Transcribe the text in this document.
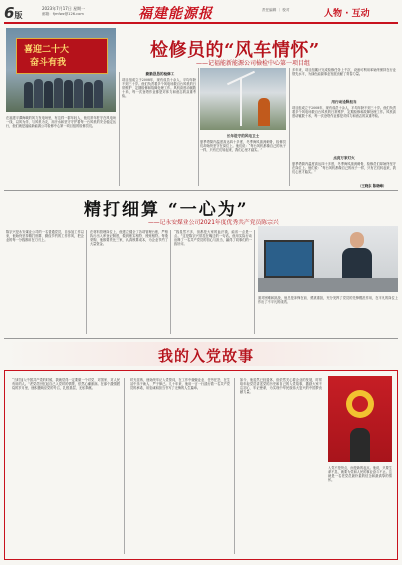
6版
2023年7月17日 星期一
邮箱：fjmfwz@126.com	福建能源报	责任编辑 ｜ 校对	人物 · 互动
喜迎二十大
奋斗有我
检修员的“风车情怀”
——记福能新能源公司檢检中心第一项目组
在福建平潭海峡的风力发电场里，有这样一群年轻人，他们常年驻守在风电场一线，以风为伴，与风机为友，用汗水和坚守守护着每一台风机的安全稳定运行，他们就是福能新能源公司检修中心第一项目组的检修员们。
勤勤恳恳的检修工
项目组成立于2008年，现有成员十余人，平均年龄不到三十岁。他们负责着多个风电场数百台风机的日常维护、定期检修和故障处理工作。风机高度动辄数十米，每一次登塔作业都是对体力和意志的双重考验。
长年驻守的风电卫士
夏季塔筒内温度高达四十多度，冬季海风凛冽刺骨，检修员们却始终坚守在岗位上。他们说：“每台风机都像自己的孩子一样，只有它们转起来，我们心里才踏实。”
多年来，项目组累计完成检修任务上千次，设备可利用率始终保持在行业领先水平，为绿色能源事业发展贡献了青春力量。
用行动诠释担当
项目组成立于2008年，现有成员十余人，平均年龄不到三十岁。他们负责着多个风电场数百台风机的日常维护、定期检修和故障处理工作。风机高度动辄数十米，每一次登塔作业都是对体力和意志的双重考验。
点亮万家灯火
夏季塔筒内温度高达四十多度，冬季海风凛冽刺骨，检修员们却始终坚守在岗位上。他们说：“每台风机都像自己的孩子一样，只有它们转起来，我们心里才踏实。”
（王晓东 陈晓峰）
精打细算 “一心为”
——记永安煤业公司2021年度优秀共产党员陈宗兴
陈宗兴是永安煤业公司的一名普通党员，自参加工作以来，他始终坚持精打细算、勤俭节约的工作作风，把企业的每一分钱都用在刀刃上。
在材料管理岗位上，他建立健全了各项管理台账，严格执行出入库登记制度，做到账实相符、账账相符。每逢采购，他都要货比三家，认真核算成本，为企业节约了大量资金。
“钱虽然不多，但都是大家的血汗钱，能省一点是一点。”这是陈宗兴常挂在嘴边的一句话。他用实际行动诠释了一名共产党员的初心与担当，赢得了同事们的一致好评。
面对困难和挑战，他总是冲锋在前、勇挑重担，充分发挥了党员的先锋模范作用，在平凡的岗位上作出了不平凡的成绩。
我的入党故事
“当时加入中国共产党的时候，我就觉得一定要做一个对党、对国家、对人民有用的人。”老党员回忆起自己入党时的情景，依然心潮澎湃。在那个激情燃烧的岁月里，他积极响应党的号召，扎根基层，无私奉献。
时光荏苒，他始终牢记入党誓词，在工作中兢兢业业、任劳任怨，在生活中乐于助人、严于律己。几十年来，他用一言一行践行着一名共产党员的承诺，用忠诚和担当书写了无悔的人生篇章。
如今，他虽然已经退休，但依然关心着企业的发展，时常给年轻党员讲述党的历史和自己的入党故事，激励大家不忘初心、牢记使命，为实现中华民族伟大复兴的中国梦贡献力量。
入党不是终点，而是新的起点。他说，只要生命不息，就要为党和人民的事业奋斗不止。这就是一名老党员最朴素的信念和最真挚的情怀。
